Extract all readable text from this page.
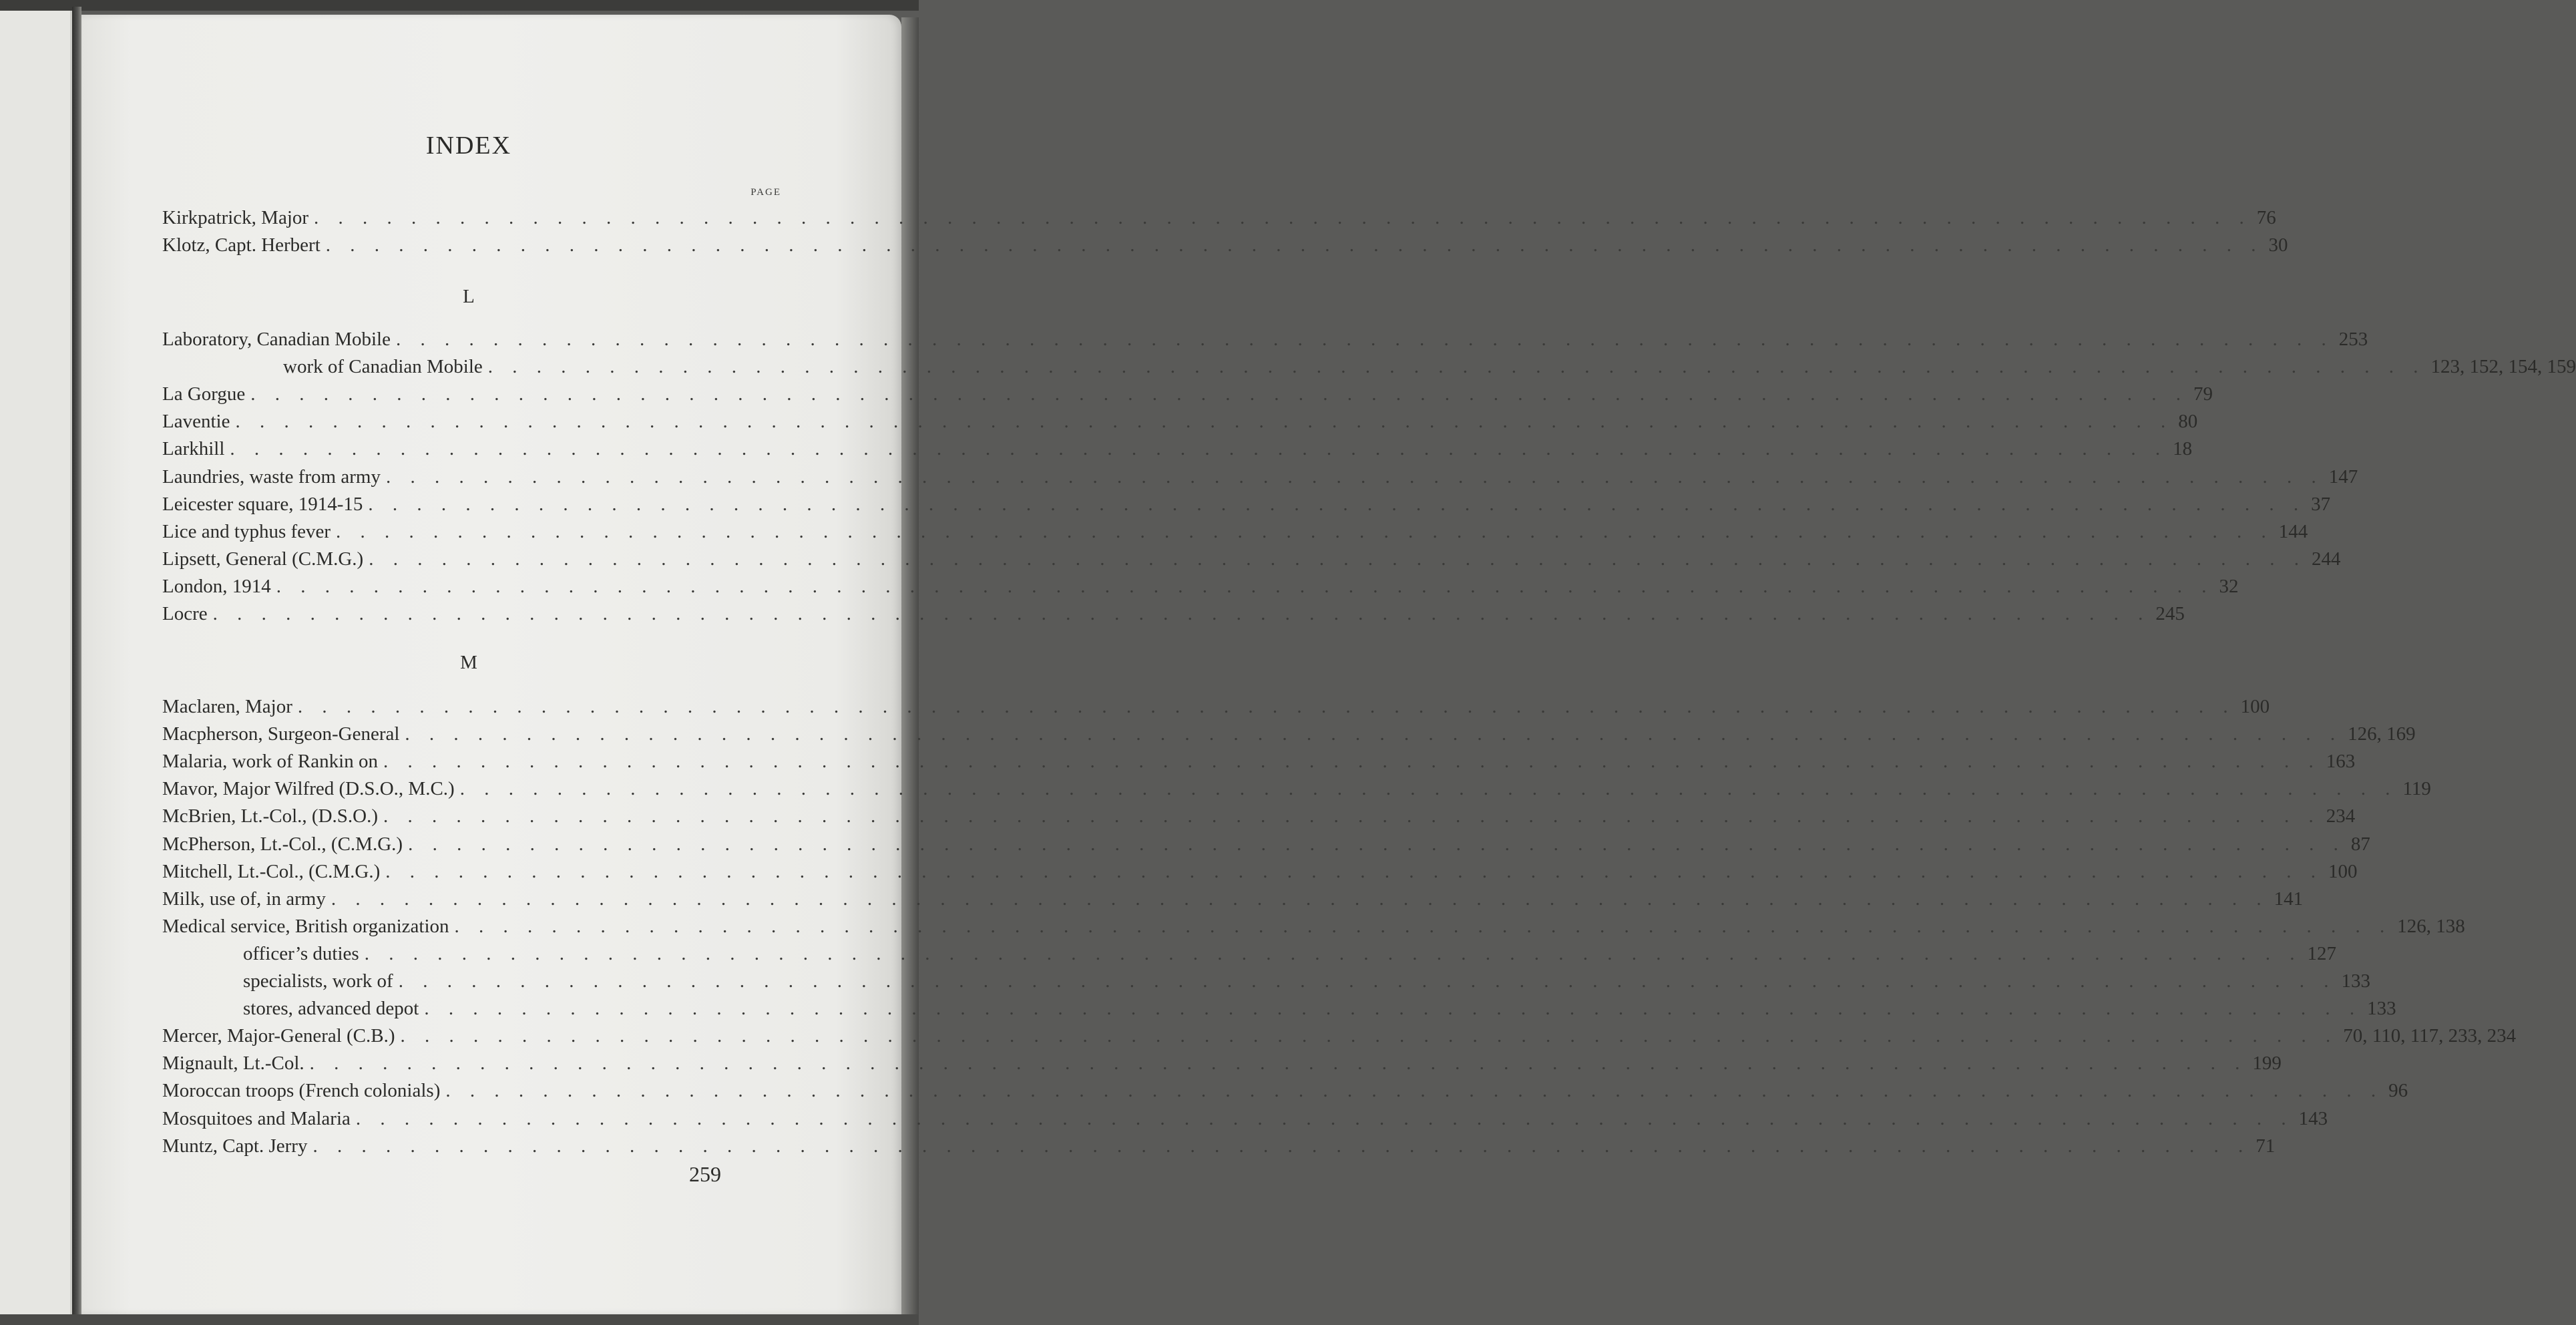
INDEX
PAGE
Kirkpatrick, Major . . . . . . . . . . . . . . . . . . . . . . . . . . . . . . . . . . . . . . . . . . . . . . . . . . . . . . . . . . . . . . . . . . . . . . . . . . . . . . . . 76
Klotz, Capt. Herbert . . . . . . . . . . . . . . . . . . . . . . . . . . . . . . . . . . . . . . . . . . . . . . . . . . . . . . . . . . . . . . . . . . . . . . . . . . . . . . . . 30
L
Laboratory, Canadian Mobile . . . . . . . . . . . . . . . . . . . . . . . . . . . . . . . . . . . . . . . . . . . . . . . . . . . . . . . . . . . . . . . . . . . . . . . . . . . . . . . . 253
work of Canadian Mobile . . . . . . . . . . . . . . . . . . . . . . . . . . . . . . . . . . . . . . . . . . . . . . . . . . . . . . . . . . . . . . . . . . . . . . . . . . . . . . . . 123, 152, 154, 159
La Gorgue . . . . . . . . . . . . . . . . . . . . . . . . . . . . . . . . . . . . . . . . . . . . . . . . . . . . . . . . . . . . . . . . . . . . . . . . . . . . . . . . 79
Laventie . . . . . . . . . . . . . . . . . . . . . . . . . . . . . . . . . . . . . . . . . . . . . . . . . . . . . . . . . . . . . . . . . . . . . . . . . . . . . . . . 80
Larkhill . . . . . . . . . . . . . . . . . . . . . . . . . . . . . . . . . . . . . . . . . . . . . . . . . . . . . . . . . . . . . . . . . . . . . . . . . . . . . . . . 18
Laundries, waste from army . . . . . . . . . . . . . . . . . . . . . . . . . . . . . . . . . . . . . . . . . . . . . . . . . . . . . . . . . . . . . . . . . . . . . . . . . . . . . . . . 147
Leicester square, 1914-15 . . . . . . . . . . . . . . . . . . . . . . . . . . . . . . . . . . . . . . . . . . . . . . . . . . . . . . . . . . . . . . . . . . . . . . . . . . . . . . . . 37
Lice and typhus fever . . . . . . . . . . . . . . . . . . . . . . . . . . . . . . . . . . . . . . . . . . . . . . . . . . . . . . . . . . . . . . . . . . . . . . . . . . . . . . . . 144
Lipsett, General (C.M.G.) . . . . . . . . . . . . . . . . . . . . . . . . . . . . . . . . . . . . . . . . . . . . . . . . . . . . . . . . . . . . . . . . . . . . . . . . . . . . . . . . 244
London, 1914 . . . . . . . . . . . . . . . . . . . . . . . . . . . . . . . . . . . . . . . . . . . . . . . . . . . . . . . . . . . . . . . . . . . . . . . . . . . . . . . . 32
Locre . . . . . . . . . . . . . . . . . . . . . . . . . . . . . . . . . . . . . . . . . . . . . . . . . . . . . . . . . . . . . . . . . . . . . . . . . . . . . . . . 245
M
Maclaren, Major . . . . . . . . . . . . . . . . . . . . . . . . . . . . . . . . . . . . . . . . . . . . . . . . . . . . . . . . . . . . . . . . . . . . . . . . . . . . . . . . 100
Macpherson, Surgeon-General . . . . . . . . . . . . . . . . . . . . . . . . . . . . . . . . . . . . . . . . . . . . . . . . . . . . . . . . . . . . . . . . . . . . . . . . . . . . . . . . 126, 169
Malaria, work of Rankin on . . . . . . . . . . . . . . . . . . . . . . . . . . . . . . . . . . . . . . . . . . . . . . . . . . . . . . . . . . . . . . . . . . . . . . . . . . . . . . . . 163
Mavor, Major Wilfred (D.S.O., M.C.) . . . . . . . . . . . . . . . . . . . . . . . . . . . . . . . . . . . . . . . . . . . . . . . . . . . . . . . . . . . . . . . . . . . . . . . . . . . . . . . . 119
McBrien, Lt.-Col., (D.S.O.) . . . . . . . . . . . . . . . . . . . . . . . . . . . . . . . . . . . . . . . . . . . . . . . . . . . . . . . . . . . . . . . . . . . . . . . . . . . . . . . . 234
McPherson, Lt.-Col., (C.M.G.) . . . . . . . . . . . . . . . . . . . . . . . . . . . . . . . . . . . . . . . . . . . . . . . . . . . . . . . . . . . . . . . . . . . . . . . . . . . . . . . . 87
Mitchell, Lt.-Col., (C.M.G.) . . . . . . . . . . . . . . . . . . . . . . . . . . . . . . . . . . . . . . . . . . . . . . . . . . . . . . . . . . . . . . . . . . . . . . . . . . . . . . . . 100
Milk, use of, in army . . . . . . . . . . . . . . . . . . . . . . . . . . . . . . . . . . . . . . . . . . . . . . . . . . . . . . . . . . . . . . . . . . . . . . . . . . . . . . . . 141
Medical service, British organization . . . . . . . . . . . . . . . . . . . . . . . . . . . . . . . . . . . . . . . . . . . . . . . . . . . . . . . . . . . . . . . . . . . . . . . . . . . . . . . . 126, 138
officer’s duties . . . . . . . . . . . . . . . . . . . . . . . . . . . . . . . . . . . . . . . . . . . . . . . . . . . . . . . . . . . . . . . . . . . . . . . . . . . . . . . . 127
specialists, work of . . . . . . . . . . . . . . . . . . . . . . . . . . . . . . . . . . . . . . . . . . . . . . . . . . . . . . . . . . . . . . . . . . . . . . . . . . . . . . . . 133
stores, advanced depot . . . . . . . . . . . . . . . . . . . . . . . . . . . . . . . . . . . . . . . . . . . . . . . . . . . . . . . . . . . . . . . . . . . . . . . . . . . . . . . . 133
Mercer, Major-General (C.B.) . . . . . . . . . . . . . . . . . . . . . . . . . . . . . . . . . . . . . . . . . . . . . . . . . . . . . . . . . . . . . . . . . . . . . . . . . . . . . . . . 70, 110, 117, 233, 234
Mignault, Lt.-Col. . . . . . . . . . . . . . . . . . . . . . . . . . . . . . . . . . . . . . . . . . . . . . . . . . . . . . . . . . . . . . . . . . . . . . . . . . . . . . . . . 199
Moroccan troops (French colonials) . . . . . . . . . . . . . . . . . . . . . . . . . . . . . . . . . . . . . . . . . . . . . . . . . . . . . . . . . . . . . . . . . . . . . . . . . . . . . . . . 96
Mosquitoes and Malaria . . . . . . . . . . . . . . . . . . . . . . . . . . . . . . . . . . . . . . . . . . . . . . . . . . . . . . . . . . . . . . . . . . . . . . . . . . . . . . . . 143
Muntz, Capt. Jerry . . . . . . . . . . . . . . . . . . . . . . . . . . . . . . . . . . . . . . . . . . . . . . . . . . . . . . . . . . . . . . . . . . . . . . . . . . . . . . . . 71
259
